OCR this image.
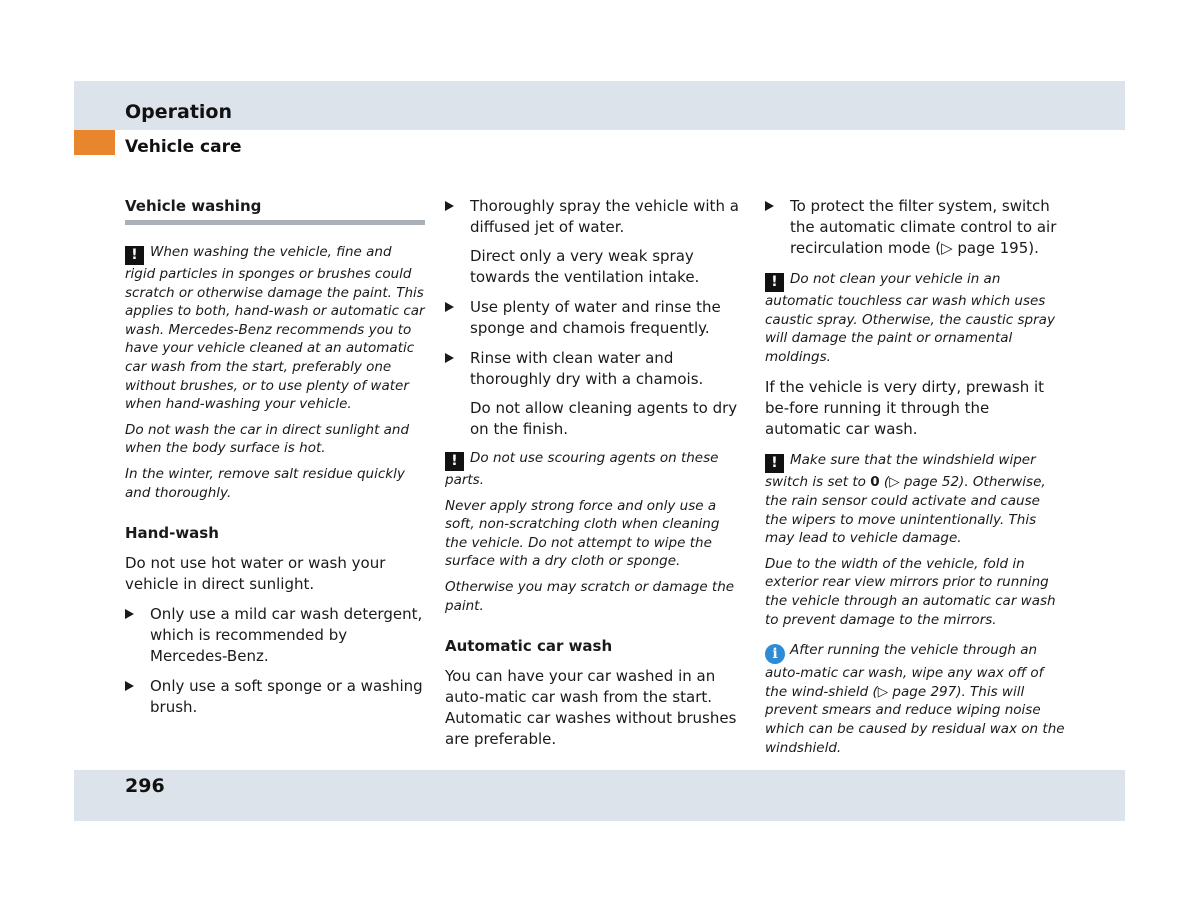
Operation
Vehicle care
Vehicle washing

! When washing the vehicle, fine and rigid particles in sponges or brushes could scratch or otherwise damage the paint. This applies to both, hand-wash or automatic car wash. Mercedes-Benz recommends you to have your vehicle cleaned at an automatic car wash from the start, preferably one without brushes, or to use plenty of water when hand-washing your vehicle.

Do not wash the car in direct sunlight and when the body surface is hot.

In the winter, remove salt residue quickly and thoroughly.

Hand-wash

Do not use hot water or wash your vehicle in direct sunlight.

Only use a mild car wash detergent, which is recommended by Mercedes-Benz.
Only use a soft sponge or a washing brush.
Thoroughly spray the vehicle with a diffused jet of water.

Direct only a very weak spray towards the ventilation intake.

Use plenty of water and rinse the sponge and chamois frequently.
Rinse with clean water and thoroughly dry with a chamois.

Do not allow cleaning agents to dry on the finish.

! Do not use scouring agents on these parts.

Never apply strong force and only use a soft, non-scratching cloth when cleaning the vehicle. Do not attempt to wipe the surface with a dry cloth or sponge.

Otherwise you may scratch or damage the paint.

Automatic car wash

You can have your car washed in an auto-matic car wash from the start. Automatic car washes without brushes are preferable.

To protect the filter system, switch the automatic climate control to air recirculation mode (▷ page 195).

! Do not clean your vehicle in an automatic touchless car wash which uses caustic spray. Otherwise, the caustic spray will damage the paint or ornamental moldings.

If the vehicle is very dirty, prewash it be-fore running it through the automatic car wash.

! Make sure that the windshield wiper switch is set to 0 (▷ page 52). Otherwise, the rain sensor could activate and cause the wipers to move unintentionally. This may lead to vehicle damage.

Due to the width of the vehicle, fold in exterior rear view mirrors prior to running the vehicle through an automatic car wash to prevent damage to the mirrors.

i After running the vehicle through an auto-matic car wash, wipe any wax off of the wind-shield (▷ page 297). This will prevent smears and reduce wiping noise which can be caused by residual wax on the windshield.

296
